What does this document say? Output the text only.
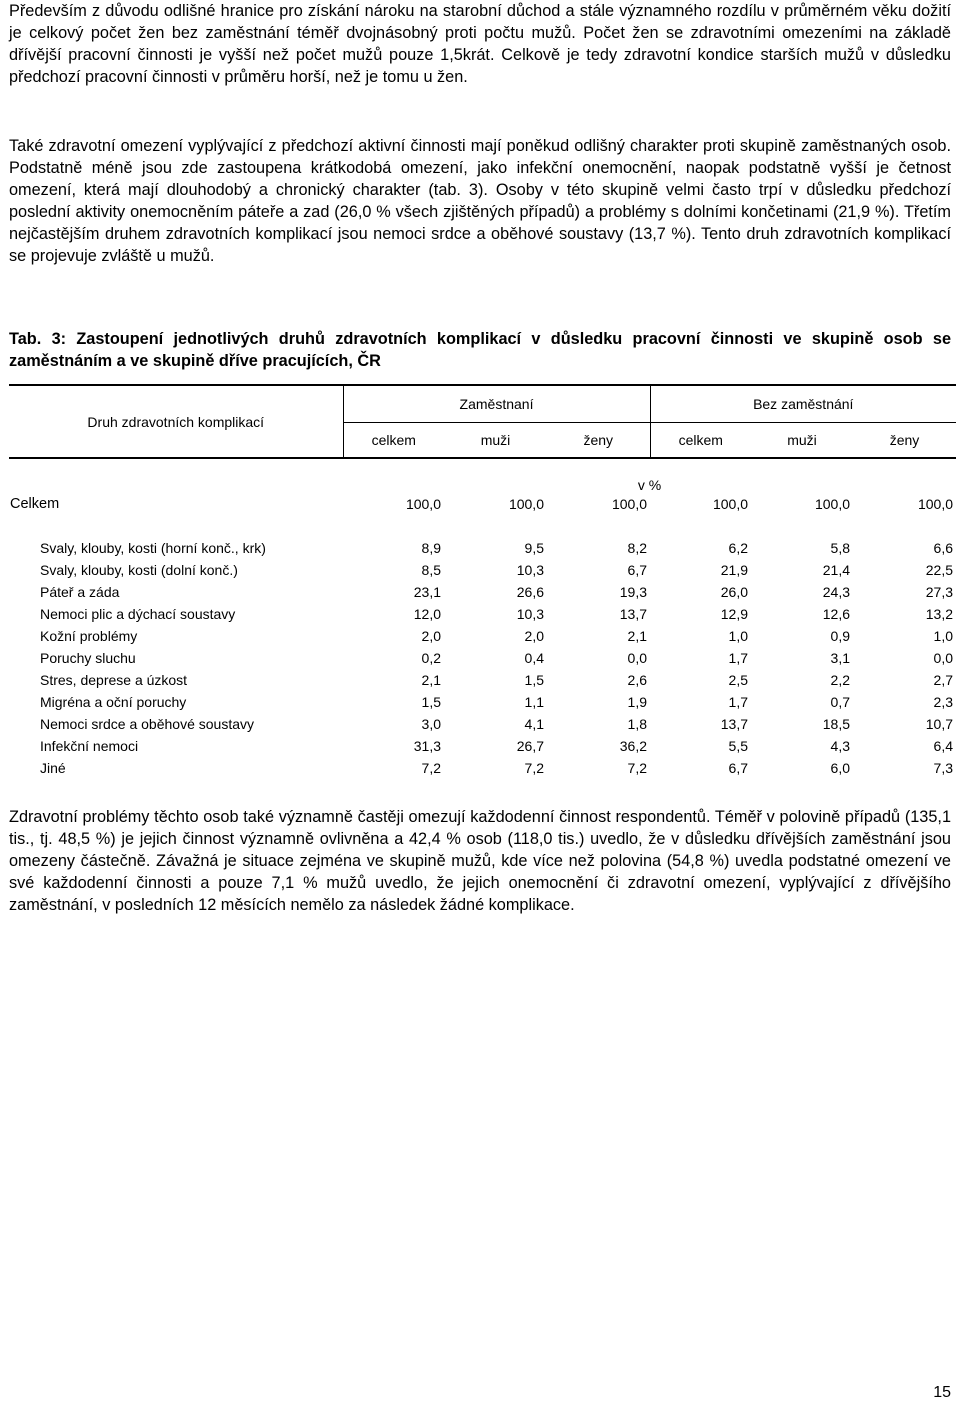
Především z důvodu odlišné hranice pro získání nároku na starobní důchod a stále významného rozdílu v průměrném věku dožití je celkový počet žen bez zaměstnání téměř dvojnásobný proti počtu mužů. Počet žen se zdravotními omezeními na základě dřívější pracovní činnosti je vyšší než počet mužů pouze 1,5krát. Celkově je tedy zdravotní kondice starších mužů v důsledku předchozí pracovní činnosti v průměru horší, než je tomu u žen.

Také zdravotní omezení vyplývající z předchozí aktivní činnosti mají poněkud odlišný charakter proti skupině zaměstnaných osob. Podstatně méně jsou zde zastoupena krátkodobá omezení, jako infekční onemocnění, naopak podstatně vyšší je četnost omezení, která mají dlouhodobý a chronický charakter (tab. 3). Osoby v této skupině velmi často trpí v důsledku předchozí poslední aktivity onemocněním páteře a zad (26,0 % všech zjištěných případů) a problémy s dolními končetinami (21,9 %). Třetím nejčastějším druhem zdravotních komplikací jsou nemoci srdce a oběhové soustavy (13,7 %). Tento druh zdravotních komplikací se projevuje zvláště u mužů.

Tab. 3: Zastoupení jednotlivých druhů zdravotních komplikací v důsledku pracovní činnosti ve skupině osob se zaměstnáním a ve skupině dříve pracujících, ČR

Druh zdravotních komplikací	Zaměstnaní			Bez zaměstnání		
	celkem	muži	ženy	celkem	muži	ženy
	v %					
Celkem	100,0	100,0	100,0	100,0	100,0	100,0

Svaly, klouby, kosti (horní konč., krk)	8,9	9,5	8,2	6,2	5,8	6,6
Svaly, klouby, kosti (dolní konč.)	8,5	10,3	6,7	21,9	21,4	22,5
Páteř a záda	23,1	26,6	19,3	26,0	24,3	27,3
Nemoci plic a dýchací soustavy	12,0	10,3	13,7	12,9	12,6	13,2
Kožní problémy	2,0	2,0	2,1	1,0	0,9	1,0
Poruchy sluchu	0,2	0,4	0,0	1,7	3,1	0,0
Stres, deprese a úzkost	2,1	1,5	2,6	2,5	2,2	2,7
Migréna a oční poruchy	1,5	1,1	1,9	1,7	0,7	2,3
Nemoci srdce a oběhové soustavy	3,0	4,1	1,8	13,7	18,5	10,7
Infekční nemoci	31,3	26,7	36,2	5,5	4,3	6,4
Jiné	7,2	7,2	7,2	6,7	6,0	7,3

Zdravotní problémy těchto osob také významně častěji omezují každodenní činnost respondentů. Téměř v polovině případů (135,1 tis., tj. 48,5 %) je jejich činnost významně ovlivněna a 42,4 % osob (118,0 tis.) uvedlo, že v důsledku dřívějších zaměstnání jsou omezeny částečně. Závažná je situace zejména ve skupině mužů, kde více než polovina (54,8 %) uvedla podstatné omezení ve své každodenní činnosti a pouze 7,1 % mužů uvedlo, že jejich onemocnění či zdravotní omezení, vyplývající z dřívějšího zaměstnání, v posledních 12 měsících nemělo za následek žádné komplikace.

15
